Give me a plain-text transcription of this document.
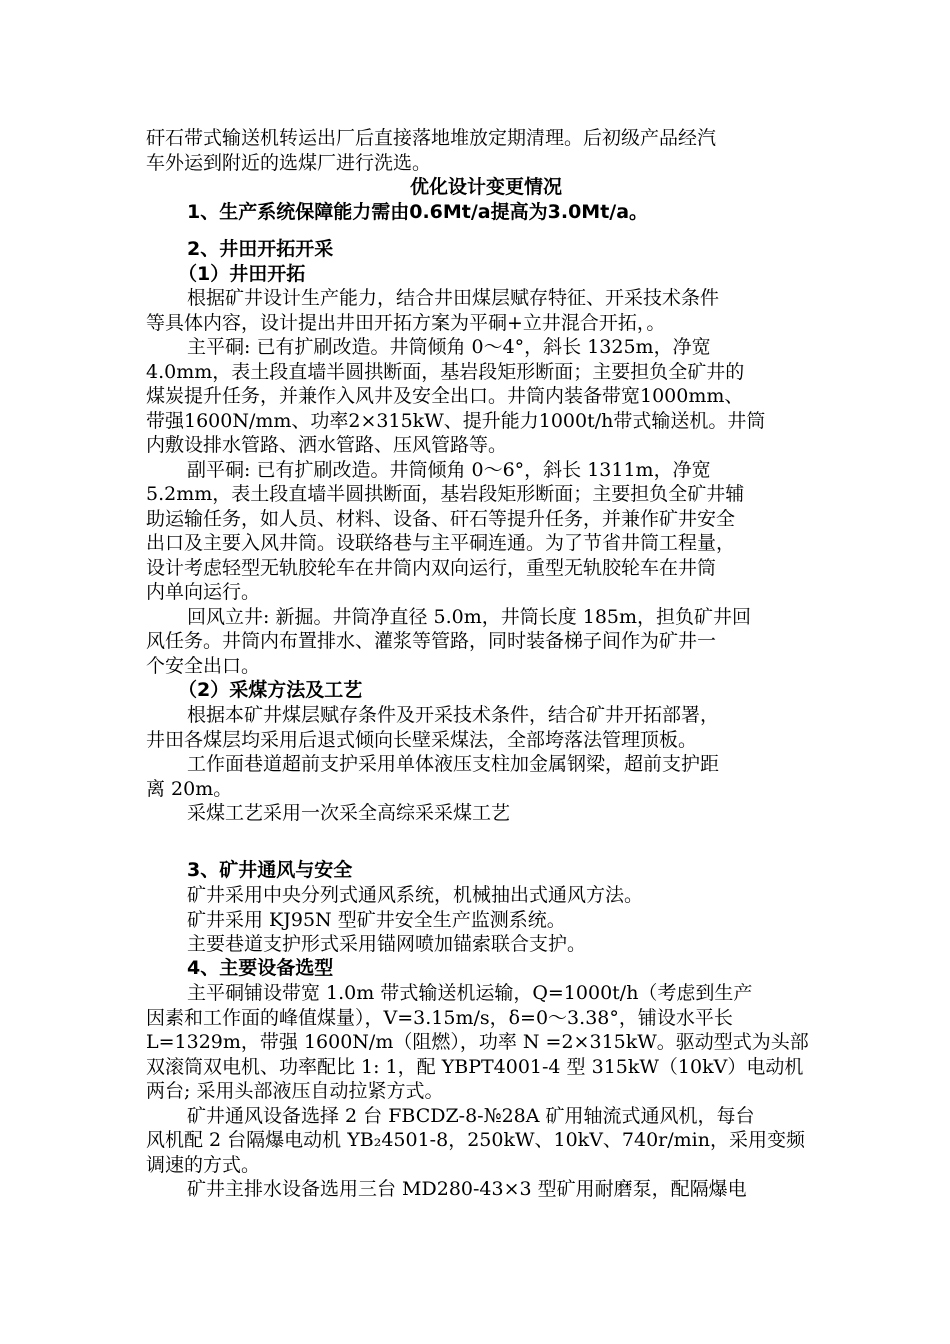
矸石带式输送机转运出厂后直接落地堆放定期清理。后初级产品经汽
车外运到附近的选煤厂进行洗选。
优化设计变更情况
1、生产系统保障能力需由0.6Mt/a提高为3.0Mt/a。
2、井田开拓开采
（1）井田开拓
根据矿井设计生产能力，结合井田煤层赋存特征、开采技术条件
等具体内容，设计提出井田开拓方案为平硐+立井混合开拓，。
主平硐: 已有扩刷改造。井筒倾角 0～4°，斜长 1325m，净宽
4.0mm，表土段直墙半圆拱断面，基岩段矩形断面；主要担负全矿井的
煤炭提升任务，并兼作入风井及安全出口。井筒内装备带宽1000mm、
带强1600N/mm、功率2×315kW、提升能力1000t/h带式输送机。井筒
内敷设排水管路、洒水管路、压风管路等。
副平硐: 已有扩刷改造。井筒倾角 0～6°，斜长 1311m，净宽
5.2mm，表土段直墙半圆拱断面，基岩段矩形断面；主要担负全矿井辅
助运输任务，如人员、材料、设备、矸石等提升任务，并兼作矿井安全
出口及主要入风井筒。设联络巷与主平硐连通。为了节省井筒工程量，
设计考虑轻型无轨胶轮车在井筒内双向运行，重型无轨胶轮车在井筒
内单向运行。
回风立井: 新掘。井筒净直径 5.0m，井筒长度 185m，担负矿井回
风任务。井筒内布置排水、灌浆等管路，同时装备梯子间作为矿井一
个安全出口。
（2）采煤方法及工艺
根据本矿井煤层赋存条件及开采技术条件，结合矿井开拓部署，
井田各煤层均采用后退式倾向长壁采煤法，全部垮落法管理顶板。
工作面巷道超前支护采用单体液压支柱加金属钢梁，超前支护距
离 20m。
采煤工艺采用一次采全高综采采煤工艺
3、矿井通风与安全
矿井采用中央分列式通风系统，机械抽出式通风方法。
矿井采用 KJ95N 型矿井安全生产监测系统。
主要巷道支护形式采用锚网喷加锚索联合支护。
4、主要设备选型
主平硐铺设带宽 1.0m 带式输送机运输，Q=1000t/h（考虑到生产
因素和工作面的峰值煤量），V=3.15m/s，δ=0～3.38°，铺设水平长
L=1329m，带强 1600N/m（阻燃），功率 N =2×315kW。驱动型式为头部
双滚筒双电机、功率配比 1: 1，配 YBPT4001-4 型 315kW（10kV）电动机
两台; 采用头部液压自动拉紧方式。
矿井通风设备选择 2 台 FBCDZ-8-№28A 矿用轴流式通风机，每台
风机配 2 台隔爆电动机 YB₂4501-8，250kW、10kV、740r/min，采用变频
调速的方式。
矿井主排水设备选用三台 MD280-43×3 型矿用耐磨泵，配隔爆电
